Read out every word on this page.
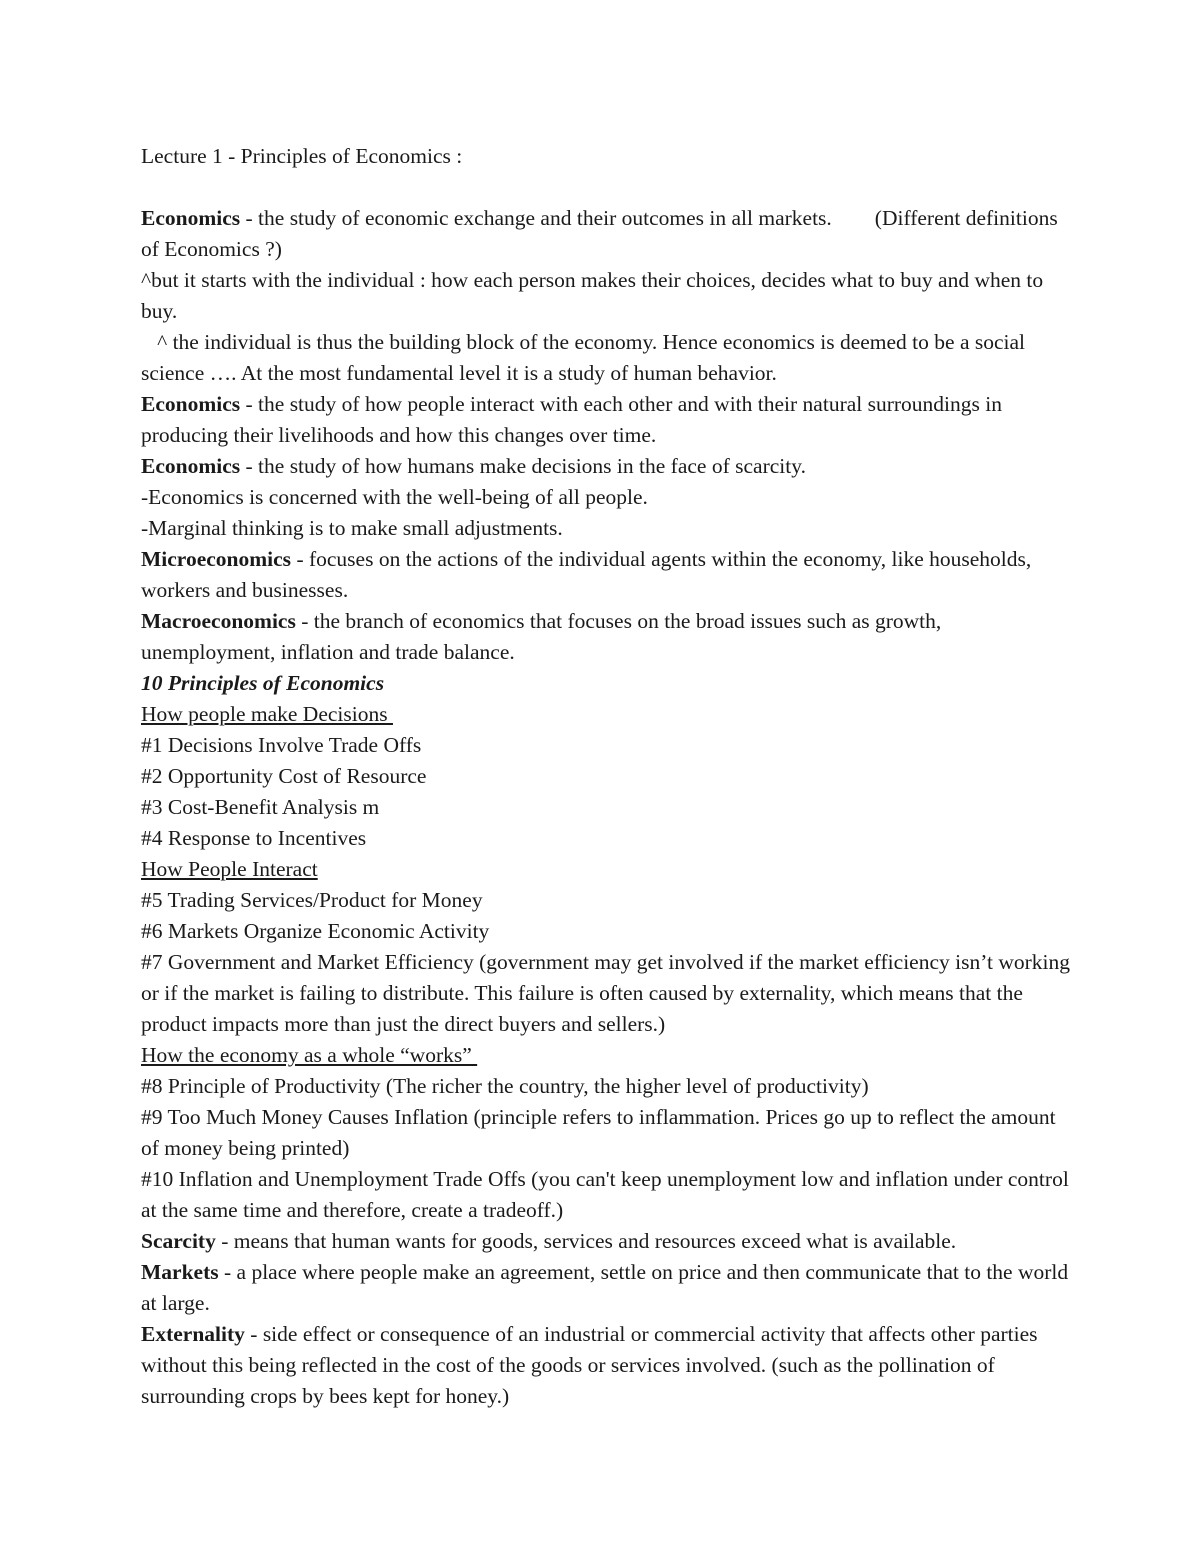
Lecture 1 - Principles of Economics :
Economics - the study of economic exchange and their outcomes in all markets.        (Different definitions of Economics ?)
^but it starts with the individual : how each person makes their choices, decides what to buy and when to buy.
^ the individual is thus the building block of the economy. Hence economics is deemed to be a social science …. At the most fundamental level it is a study of human behavior.
Economics - the study of how people interact with each other and with their natural surroundings in producing their livelihoods and how this changes over time.
Economics - the study of how humans make decisions in the face of scarcity.
-Economics is concerned with the well-being of all people.
-Marginal thinking is to make small adjustments.
Microeconomics - focuses on the actions of the individual agents within the economy, like households, workers and businesses.
Macroeconomics - the branch of economics that focuses on the broad issues such as growth, unemployment, inflation and trade balance.
10 Principles of Economics
How people make Decisions
#1 Decisions Involve Trade Offs
#2 Opportunity Cost of Resource
#3 Cost-Benefit Analysis m
#4 Response to Incentives
How People Interact
#5 Trading Services/Product for Money
#6 Markets Organize Economic Activity
#7 Government and Market Efficiency (government may get involved if the market efficiency isn’t working or if the market is failing to distribute. This failure is often caused by externality, which means that the product impacts more than just the direct buyers and sellers.)
How the economy as a whole “works”
#8 Principle of Productivity (The richer the country, the higher level of productivity)
#9 Too Much Money Causes Inflation (principle refers to inflammation. Prices go up to reflect the amount of money being printed)
#10 Inflation and Unemployment Trade Offs (you can't keep unemployment low and inflation under control at the same time and therefore, create a tradeoff.)
Scarcity - means that human wants for goods, services and resources exceed what is available.
Markets - a place where people make an agreement, settle on price and then communicate that to the world at large.
Externality - side effect or consequence of an industrial or commercial activity that affects other parties without this being reflected in the cost of the goods or services involved. (such as the pollination of surrounding crops by bees kept for honey.)
